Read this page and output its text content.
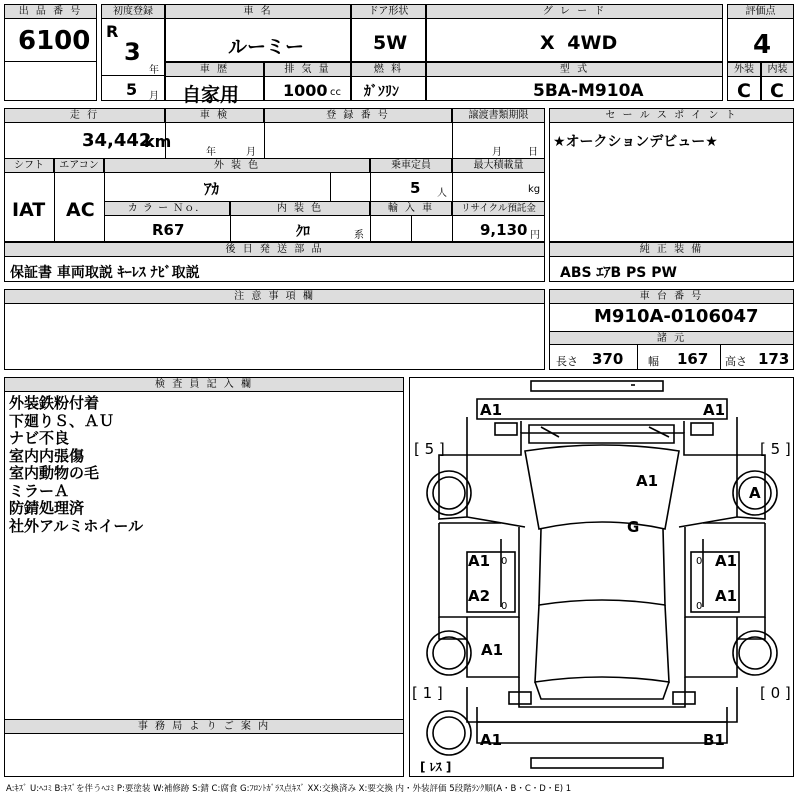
出 品 番 号
6100
初度登録
R
3
年
5 月
車 名
ルーミー
ドア形状
5W
グ レ ー ド
X 4WD
評価点
4
車 歴
自家用
排 気 量
1000 cc
燃 料
ｶﾞｿﾘﾝ
型 式
5BA-M910A
外装
C
内装
C
走 行
34,442
km
車 検
年	月
登 録 番 号	譲渡書類期限
月	日
シフト	エアコン
IAT AC
外 装 色
ｱｶ
乗車定員
5 人
最大積載量
kg
カ ラ ー Ｎｏ．
R67
内 装 色
ｸﾛ	系
輸 入 車	リサイクル預託金
9,130 円
セ ー ル ス ポ イ ン ト
★オークションデビュー★
後 日 発 送 部 品
保証書 車両取説 ｷｰﾚｽ ﾅﾋﾞ取説
純 正 装 備
ABS ｴｱB PS PW
注 意 事 項 欄	車 台 番 号
M910A-0106047
諸 元
長さ 370 幅 167 高さ 173
検 査 員 記 入 欄
外装鉄粉付着
下廻りＳ、ＡＵ
ナビ不良
室内内張傷
室内動物の毛
ミラーＡ
防錆処理済
社外アルミホイール
事 務 局 よ り ご 案 内
0	0
0	0
[ 5 ]	[ 5 ]
[ 1 ]	[ 0 ]
[ ﾚｽ ]
A1	A1
A1
G
A
A1	A1
A2	A1
A1
A1	B1
A:ｷｽﾞ U:ﾍｺﾐ B:ｷｽﾞを伴うﾍｺﾐ P:要塗装 W:補修跡 S:錆 C:腐食 G:ﾌﾛﾝﾄｶﾞﾗｽ点ｷｽﾞ XX:交換済み X:要交換 内・外装評価 5段階ﾗﾝｸ順(A・B・C・D・E) 1
